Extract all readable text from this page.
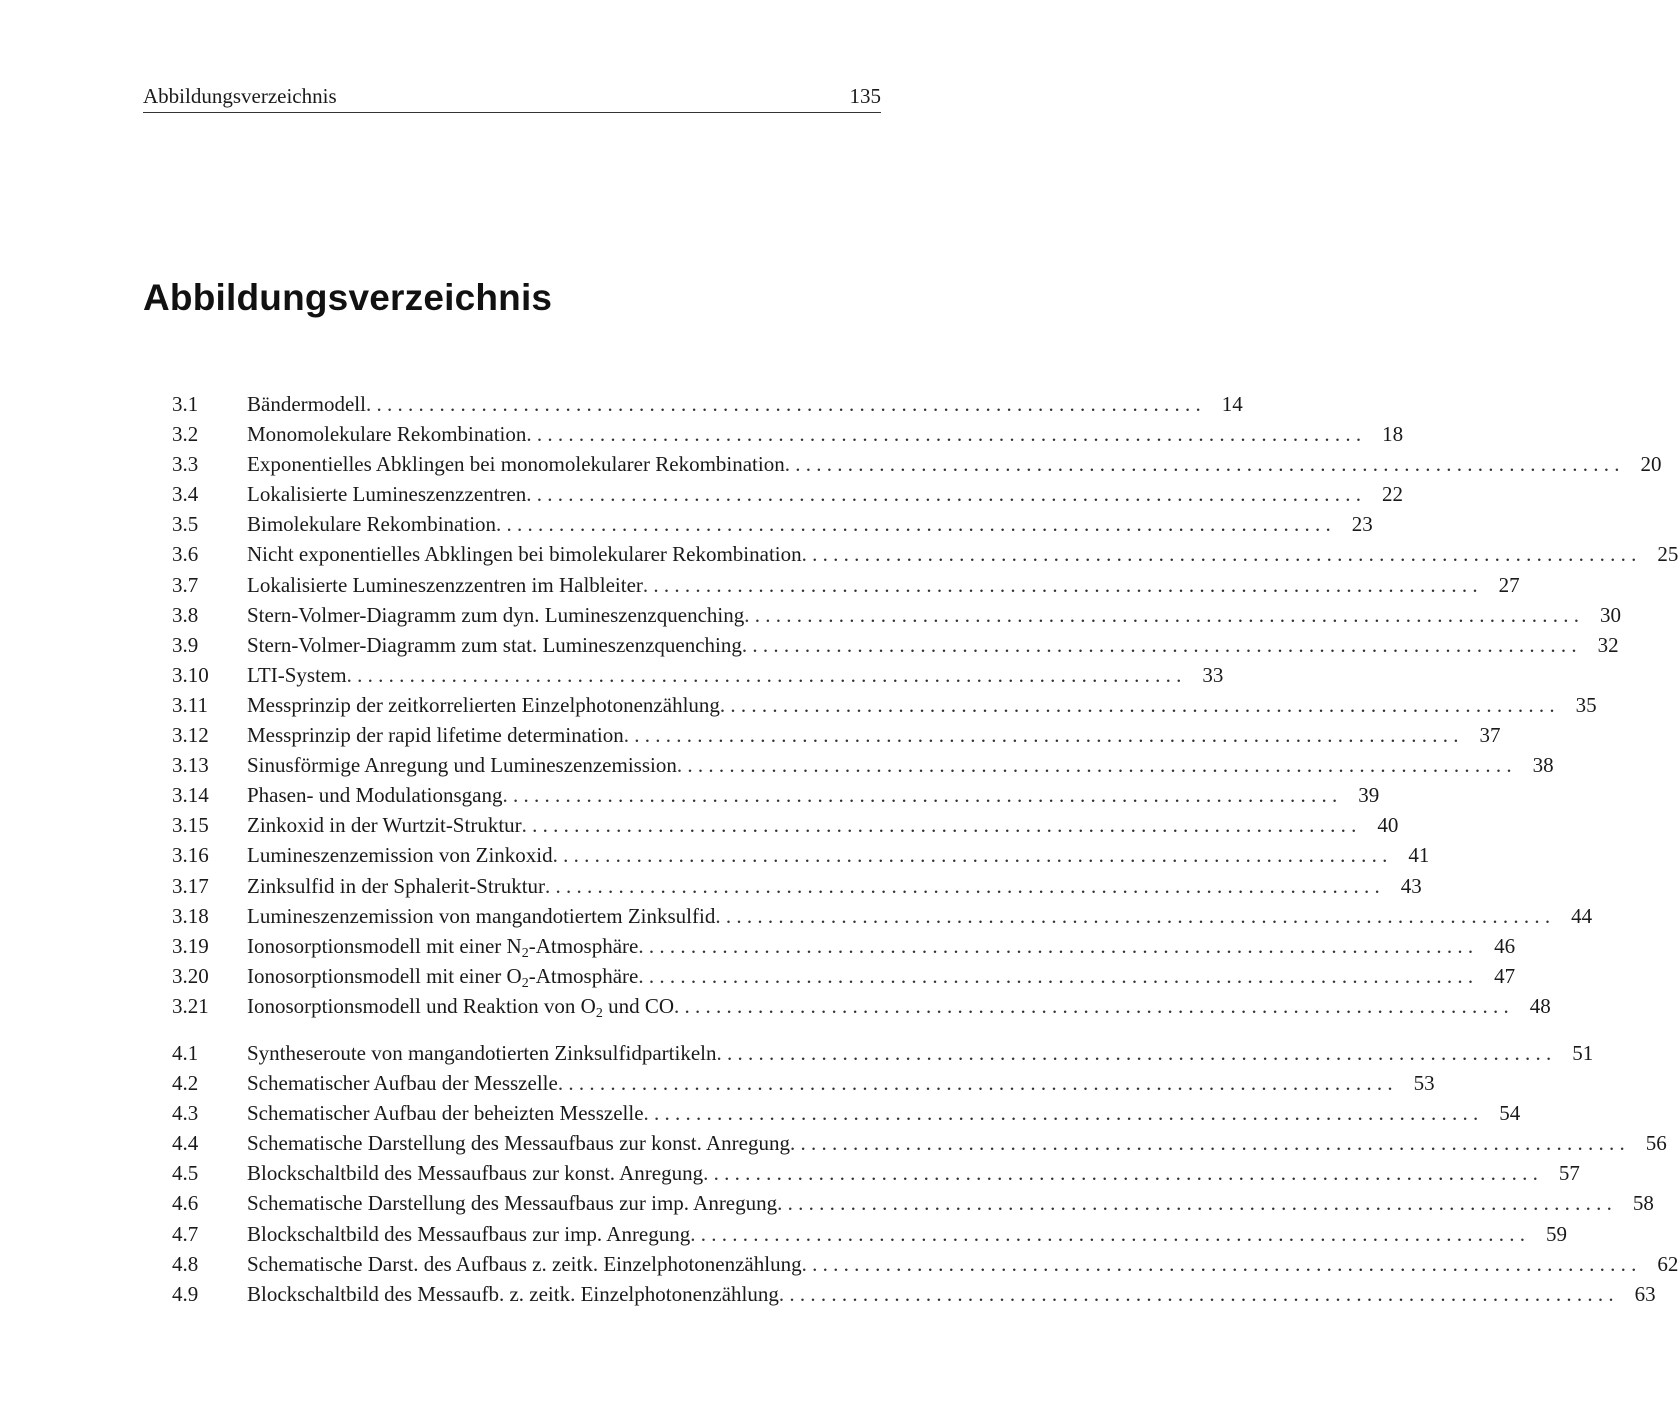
Abbildungsverzeichnis	135
Abbildungsverzeichnis
3.1 Bändermodell . . . . . . . . . . . . . . . . . . . . . . . . . . . . . . . . . . . . . . . . . . . . . . . . . . . . . . . . . . . . . . . . . . . . . . . . . . . . . . . .	14
3.2 Monomolekulare Rekombination . . . . . . . . . . . . . . . . . . . . . . . . . . . . . . . . . . . . . . . . . . . . . . . . . . . . . . . . . . . . . . . . . . . . . . . . . . . . . . . .	18
3.3 Exponentielles Abklingen bei monomolekularer Rekombination . . . . . . . . . . . . . . . . . . . . . . . . . . . . . . . . . . . . . . . . . . . . . . . . . . . . . . . . . . . . . . . . . . . . . . . . . . . . . . . .	20
3.4 Lokalisierte Lumineszenzzentren . . . . . . . . . . . . . . . . . . . . . . . . . . . . . . . . . . . . . . . . . . . . . . . . . . . . . . . . . . . . . . . . . . . . . . . . . . . . . . . .	22
3.5 Bimolekulare Rekombination . . . . . . . . . . . . . . . . . . . . . . . . . . . . . . . . . . . . . . . . . . . . . . . . . . . . . . . . . . . . . . . . . . . . . . . . . . . . . . . .	23
3.6 Nicht exponentielles Abklingen bei bimolekularer Rekombination . . . . . . . . . . . . . . . . . . . . . . . . . . . . . . . . . . . . . . . . . . . . . . . . . . . . . . . . . . . . . . . . . . . . . . . . . . . . . . . .	25
3.7 Lokalisierte Lumineszenzzentren im Halbleiter . . . . . . . . . . . . . . . . . . . . . . . . . . . . . . . . . . . . . . . . . . . . . . . . . . . . . . . . . . . . . . . . . . . . . . . . . . . . . . . .	27
3.8 Stern-Volmer-Diagramm zum dyn. Lumineszenzquenching . . . . . . . . . . . . . . . . . . . . . . . . . . . . . . . . . . . . . . . . . . . . . . . . . . . . . . . . . . . . . . . . . . . . . . . . . . . . . . . .	30
3.9 Stern-Volmer-Diagramm zum stat. Lumineszenzquenching . . . . . . . . . . . . . . . . . . . . . . . . . . . . . . . . . . . . . . . . . . . . . . . . . . . . . . . . . . . . . . . . . . . . . . . . . . . . . . . .	32
3.10 LTI-System . . . . . . . . . . . . . . . . . . . . . . . . . . . . . . . . . . . . . . . . . . . . . . . . . . . . . . . . . . . . . . . . . . . . . . . . . . . . . . . .	33
3.11 Messprinzip der zeitkorrelierten Einzelphotonenzählung . . . . . . . . . . . . . . . . . . . . . . . . . . . . . . . . . . . . . . . . . . . . . . . . . . . . . . . . . . . . . . . . . . . . . . . . . . . . . . . .	35
3.12 Messprinzip der rapid lifetime determination . . . . . . . . . . . . . . . . . . . . . . . . . . . . . . . . . . . . . . . . . . . . . . . . . . . . . . . . . . . . . . . . . . . . . . . . . . . . . . . .	37
3.13 Sinusförmige Anregung und Lumineszenzemission . . . . . . . . . . . . . . . . . . . . . . . . . . . . . . . . . . . . . . . . . . . . . . . . . . . . . . . . . . . . . . . . . . . . . . . . . . . . . . . .	38
3.14 Phasen- und Modulationsgang . . . . . . . . . . . . . . . . . . . . . . . . . . . . . . . . . . . . . . . . . . . . . . . . . . . . . . . . . . . . . . . . . . . . . . . . . . . . . . . .	39
3.15 Zinkoxid in der Wurtzit-Struktur . . . . . . . . . . . . . . . . . . . . . . . . . . . . . . . . . . . . . . . . . . . . . . . . . . . . . . . . . . . . . . . . . . . . . . . . . . . . . . . .	40
3.16 Lumineszenzemission von Zinkoxid . . . . . . . . . . . . . . . . . . . . . . . . . . . . . . . . . . . . . . . . . . . . . . . . . . . . . . . . . . . . . . . . . . . . . . . . . . . . . . . .	41
3.17 Zinksulfid in der Sphalerit-Struktur . . . . . . . . . . . . . . . . . . . . . . . . . . . . . . . . . . . . . . . . . . . . . . . . . . . . . . . . . . . . . . . . . . . . . . . . . . . . . . . .	43
3.18 Lumineszenzemission von mangandotiertem Zinksulfid . . . . . . . . . . . . . . . . . . . . . . . . . . . . . . . . . . . . . . . . . . . . . . . . . . . . . . . . . . . . . . . . . . . . . . . . . . . . . . . .	44
3.19 Ionosorptionsmodell mit einer $N_2$-Atmosphäre . . . . . . . . . . . . . . . . . . . . . . . . . . . . . . . . . . . . . . . . . . . . . . . . . . . . . . . . . . . . . . . . . . . . . . . . . . . . . . . .	46
3.20 Ionosorptionsmodell mit einer $O_2$-Atmosphäre . . . . . . . . . . . . . . . . . . . . . . . . . . . . . . . . . . . . . . . . . . . . . . . . . . . . . . . . . . . . . . . . . . . . . . . . . . . . . . . .	47
3.21 Ionosorptionsmodell und Reaktion von $O_2$ und CO . . . . . . . . . . . . . . . . . . . . . . . . . . . . . . . . . . . . . . . . . . . . . . . . . . . . . . . . . . . . . . . . . . . . . . . . . . . . . . . .	48
4.1 Syntheseroute von mangandotierten Zinksulfidpartikeln . . . . . . . . . . . . . . . . . . . . . . . . . . . . . . . . . . . . . . . . . . . . . . . . . . . . . . . . . . . . . . . . . . . . . . . . . . . . . . . .	51
4.2 Schematischer Aufbau der Messzelle . . . . . . . . . . . . . . . . . . . . . . . . . . . . . . . . . . . . . . . . . . . . . . . . . . . . . . . . . . . . . . . . . . . . . . . . . . . . . . . .	53
4.3 Schematischer Aufbau der beheizten Messzelle . . . . . . . . . . . . . . . . . . . . . . . . . . . . . . . . . . . . . . . . . . . . . . . . . . . . . . . . . . . . . . . . . . . . . . . . . . . . . . . .	54
4.4 Schematische Darstellung des Messaufbaus zur konst. Anregung . . . . . . . . . . . . . . . . . . . . . . . . . . . . . . . . . . . . . . . . . . . . . . . . . . . . . . . . . . . . . . . . . . . . . . . . . . . . . . . .	56
4.5 Blockschaltbild des Messaufbaus zur konst. Anregung . . . . . . . . . . . . . . . . . . . . . . . . . . . . . . . . . . . . . . . . . . . . . . . . . . . . . . . . . . . . . . . . . . . . . . . . . . . . . . . .	57
4.6 Schematische Darstellung des Messaufbaus zur imp. Anregung . . . . . . . . . . . . . . . . . . . . . . . . . . . . . . . . . . . . . . . . . . . . . . . . . . . . . . . . . . . . . . . . . . . . . . . . . . . . . . . .	58
4.7 Blockschaltbild des Messaufbaus zur imp. Anregung . . . . . . . . . . . . . . . . . . . . . . . . . . . . . . . . . . . . . . . . . . . . . . . . . . . . . . . . . . . . . . . . . . . . . . . . . . . . . . . .	59
4.8 Schematische Darst. des Aufbaus z. zeitk. Einzelphotonenzählung . . . . . . . . . . . . . . . . . . . . . . . . . . . . . . . . . . . . . . . . . . . . . . . . . . . . . . . . . . . . . . . . . . . . . . . . . . . . . . . .	62
4.9 Blockschaltbild des Messaufb. z. zeitk. Einzelphotonenzählung . . . . . . . . . . . . . . . . . . . . . . . . . . . . . . . . . . . . . . . . . . . . . . . . . . . . . . . . . . . . . . . . . . . . . . . . . . . . . . . .	63
